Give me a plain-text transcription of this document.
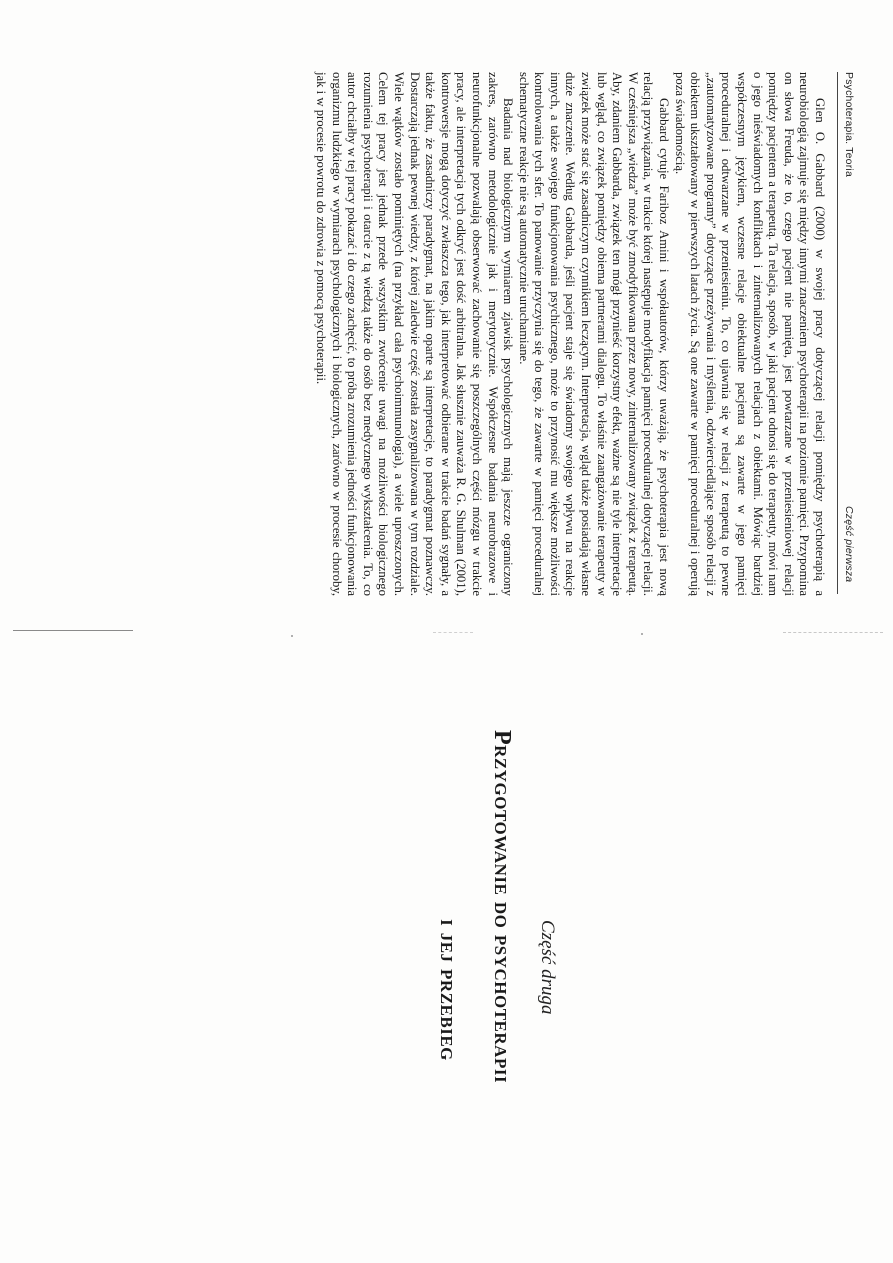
Psychoterapia. Teoria
Część pierwsza

Glen O. Gabbard (2000) w swojej pracy dotyczącej relacji pomiędzy psychoterapią a neurobiologią zajmuje się między innymi znaczeniem psychoterapii na poziomie pamięci. Przypomina on słowa Freuda, że to, czego pacjent nie pamięta, jest powtarzane w przeniesieniowej relacji pomiędzy pacjentem a terapeutą. Ta relacja, sposób, w jaki pacjent odnosi się do terapeuty, mówi nam o jego nieświadomych konfliktach i zinternalizowanych relacjach z obiektami. Mówiąc bardziej współczesnym językiem, wczesne relacje obiektualne pacjenta są zawarte w jego pamięci proceduralnej i odtwarzane w przeniesieniu. To, co ujawnia się w relacji z terapeutą to pewne „zautomatyzowane programy” dotyczące przeżywania i myślenia, odzwierciedlające sposób relacji z obiektem ukształtowany w pierwszych latach życia. Są one zawarte w pamięci proceduralnej i operują poza świadomością.

Gabbard cytuje Fariboz Amini i współautorów, którzy uważają, że psychoterapia jest nową relacją przywiązania, w trakcie której następuje modyfikacja pamięci proceduralnej dotyczącej relacji. W cześniejsza „wiedza” może być zmodyfikowana przez nowy, zinternalizowany związek z terapeutą. Aby, zdaniem Gabbarda, związek ten mógł przynieść korzystny efekt, ważne są nie tyle interpretacje lub wgląd, co związek pomiędzy obiema partnerami dialogu. To właśnie zaangażowanie terapeuty w związek może stać się zasadniczym czynnikiem leczącym. Interpretacja, wgląd także posiadają własne duże znaczenie. Według Gabbarda, jeśli pacjent staje się świadomy swojego wpływu na reakcje innych, a także swojego funkcjonowania psychicznego, może to przynosić mu większe możliwości kontrolowania tych sfer. To panowanie przyczynia się do tego, że zawarte w pamięci proceduralnej schematyczne reakcje nie są automatycznie uruchamiane.

Badania nad biologicznym wymiarem zjawisk psychologicznych mają jeszcze ograniczony zakres, zarówno metodologicznie jak i merytorycznie. Współczesne badania neurobrazowe i neurofunkcjonalne pozwalają obserwować zachowanie się poszczególnych części mózgu w trakcie pracy, ale interpretacja tych odkryć jest dość arbitralna. Jak słusznie zauważa R. G. Shulman (2001), kontrowersje mogą dotyczyć zwłaszcza tego, jak interpretować odbierane w trakcie badań sygnały, a także faktu, że zasadniczy paradygmat, na jakim oparte są interpretacje, to paradygmat poznawczy. Dostarczają jednak pewnej wiedzy, z której zaledwie część została zasygnalizowana w tym rozdziale. Wiele wątków zostało pominiętych (na przykład cała psychoimmunologia), a wiele uproszczonych. Celem tej pracy jest jednak przede wszystkim zwrócenie uwagi na możliwości biologicznego rozumienia psychoterapii i otarcie z tą wiedzą także do osób bez medycznego wykształcenia. To, co autor chciałby w tej pracy pokazać i do czego zachęcić, to próba zrozumienia jedności funkcjonowania organizmu ludzkiego w wymiarach psychologicznych i biologicznych, zarówno w procesie choroby, jak i w procesie powrotu do zdrowia z pomocą psychoterapii.

Część druga
Przygotowanie do psychoterapii
i jej przebieg
